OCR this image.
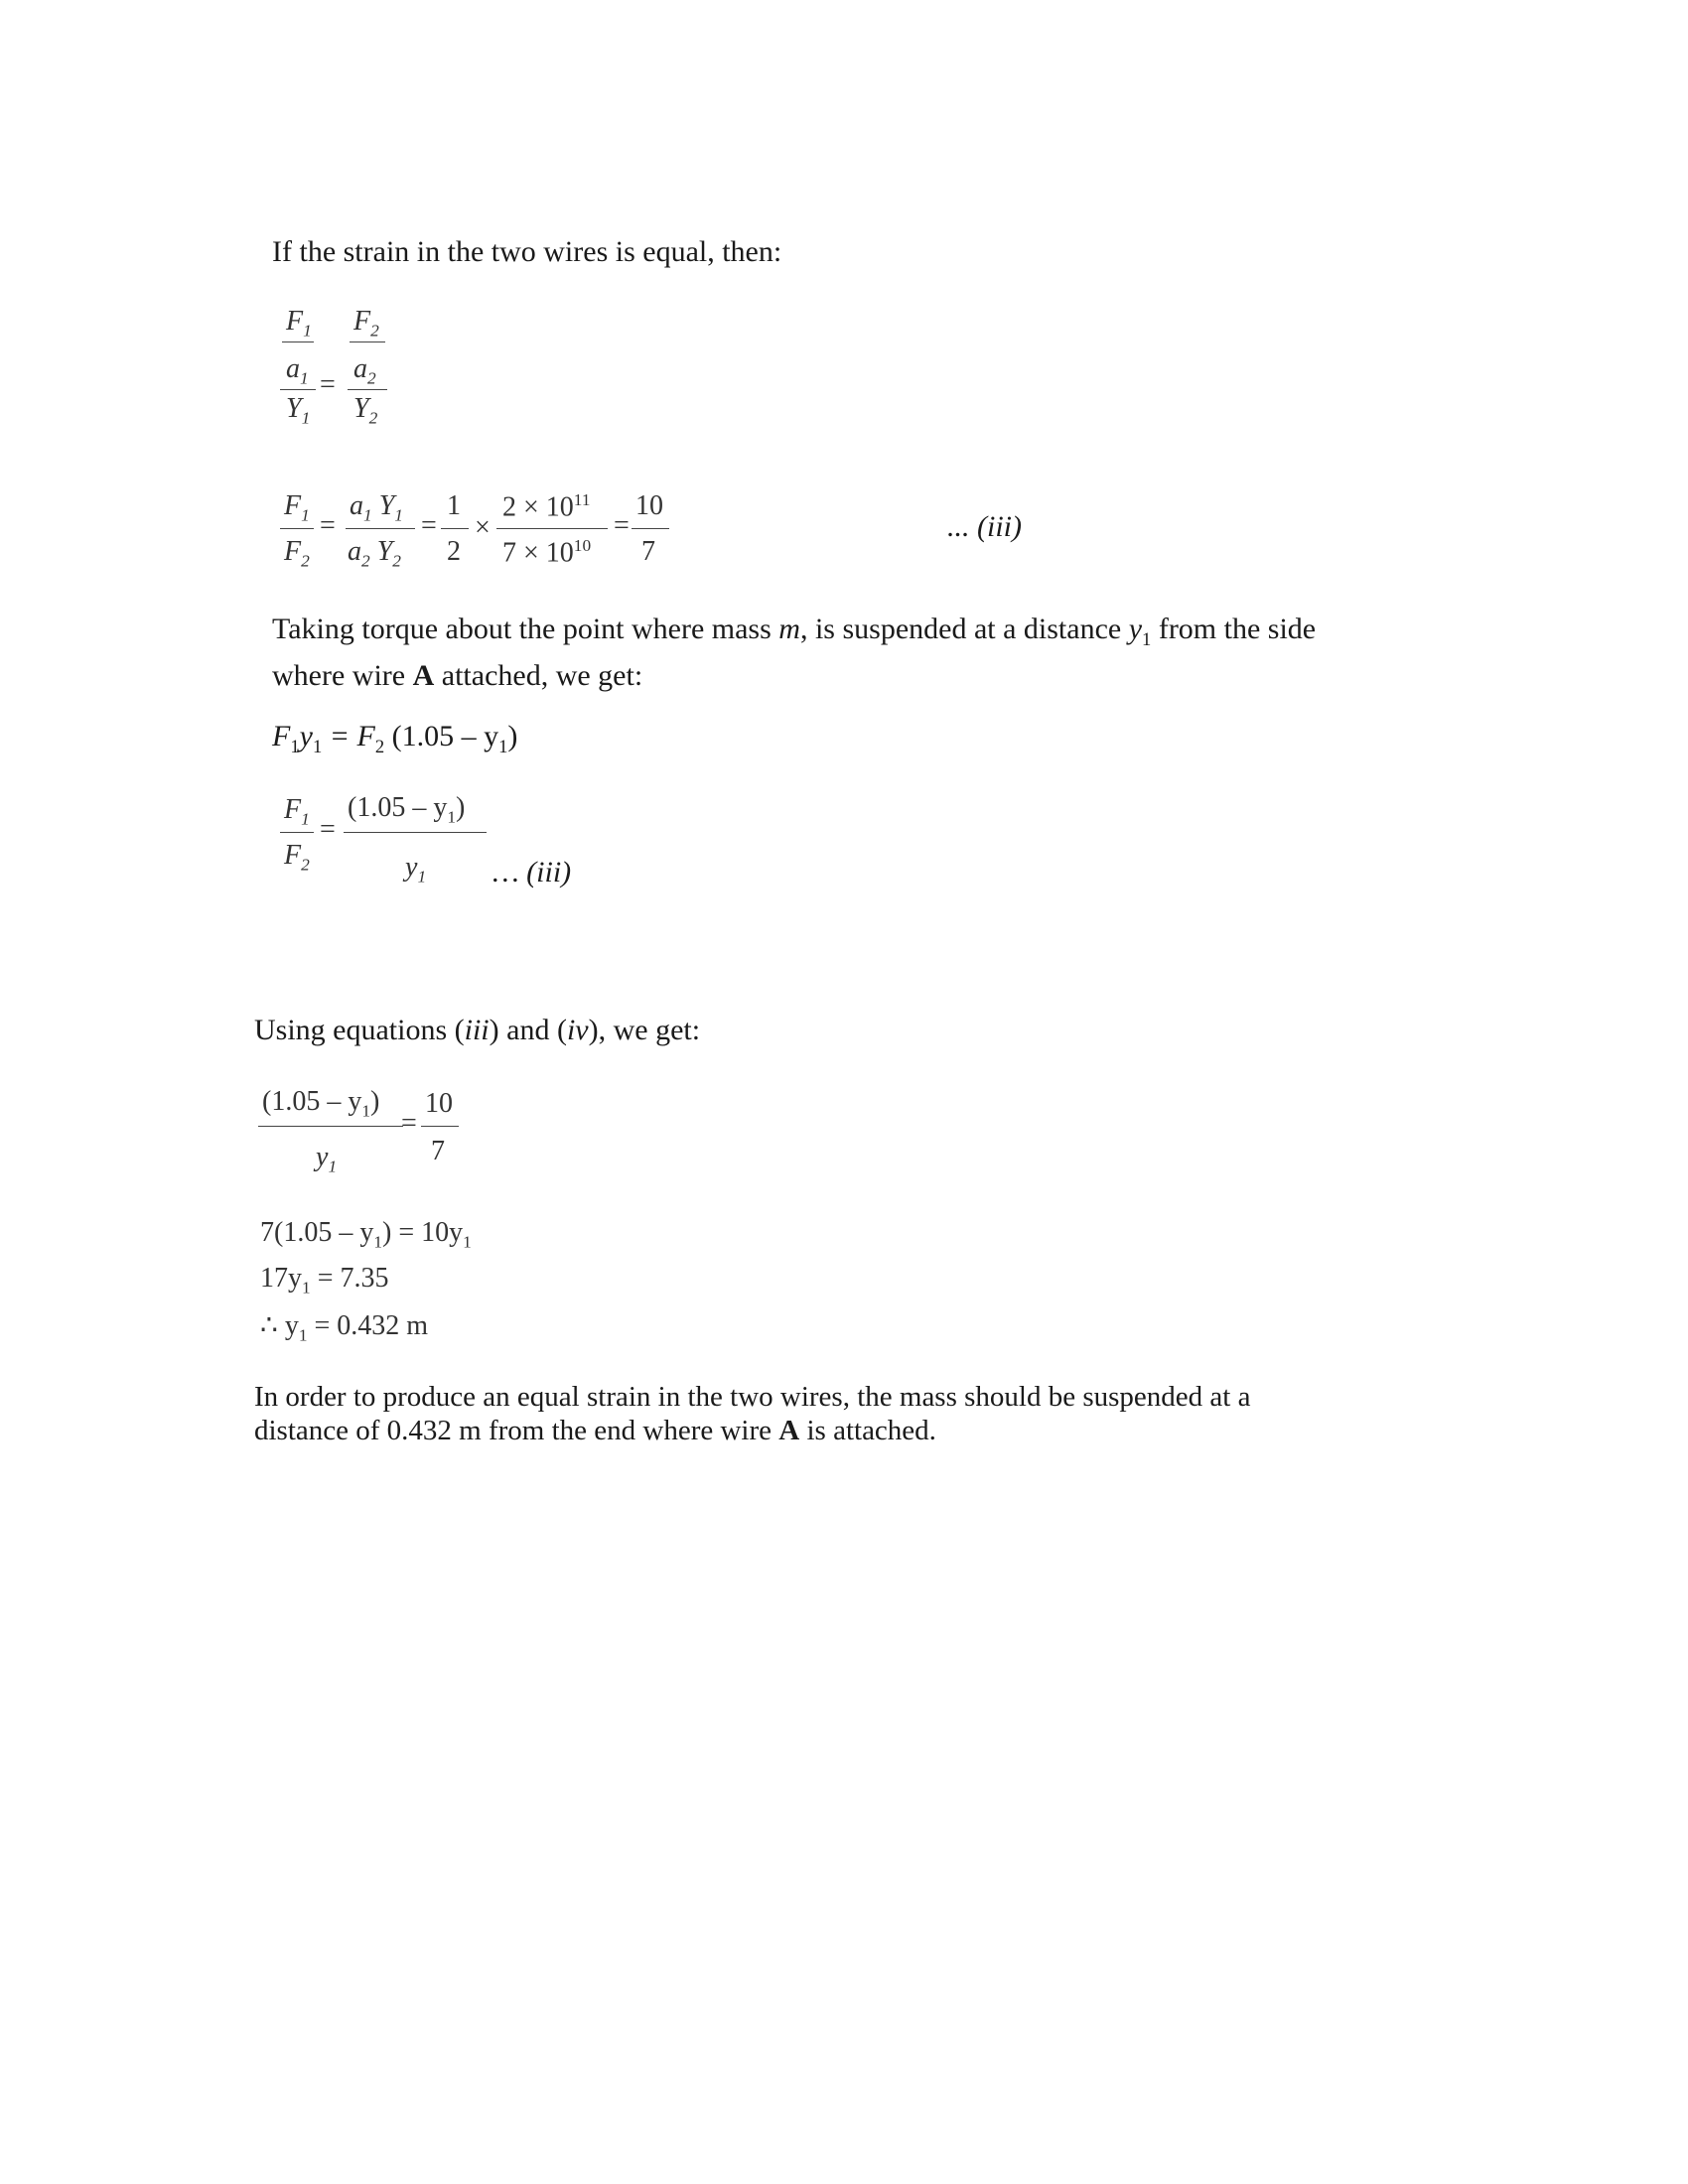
If the strain in the two wires is equal, then:
$F_1$
$a_1$
$Y_1$
=
$F_2$
$a_2$
$Y_2$
$F_1$
$F_2$
=
$a_1$ $Y_1$
$a_2$ $Y_2$
=
1
2
×
$2 \times 10^{11}$
$7 \times 10^{10}$
=
10
7
... (iii)
Taking torque about the point where mass m, is suspended at a distance $y_1$ from the side
where wire A attached, we get:
$F_1y_1 = F_2$ $(1.05 - y_1)$
$F_1$
$F_2$
=
$(1.05 - y_1)$
$y_1$ … (iii)
Using equations (iii) and (iv), we get:
$(1.05 - y_1)$
$y_1$
=
10
7
$7(1.05 - y_1) = 10y_1$
$17y_1 = 7.35$
∴ $y_1 = 0.432$ m
In order to produce an equal strain in the two wires, the mass should be suspended at a
distance of 0.432 m from the end where wire A is attached.
